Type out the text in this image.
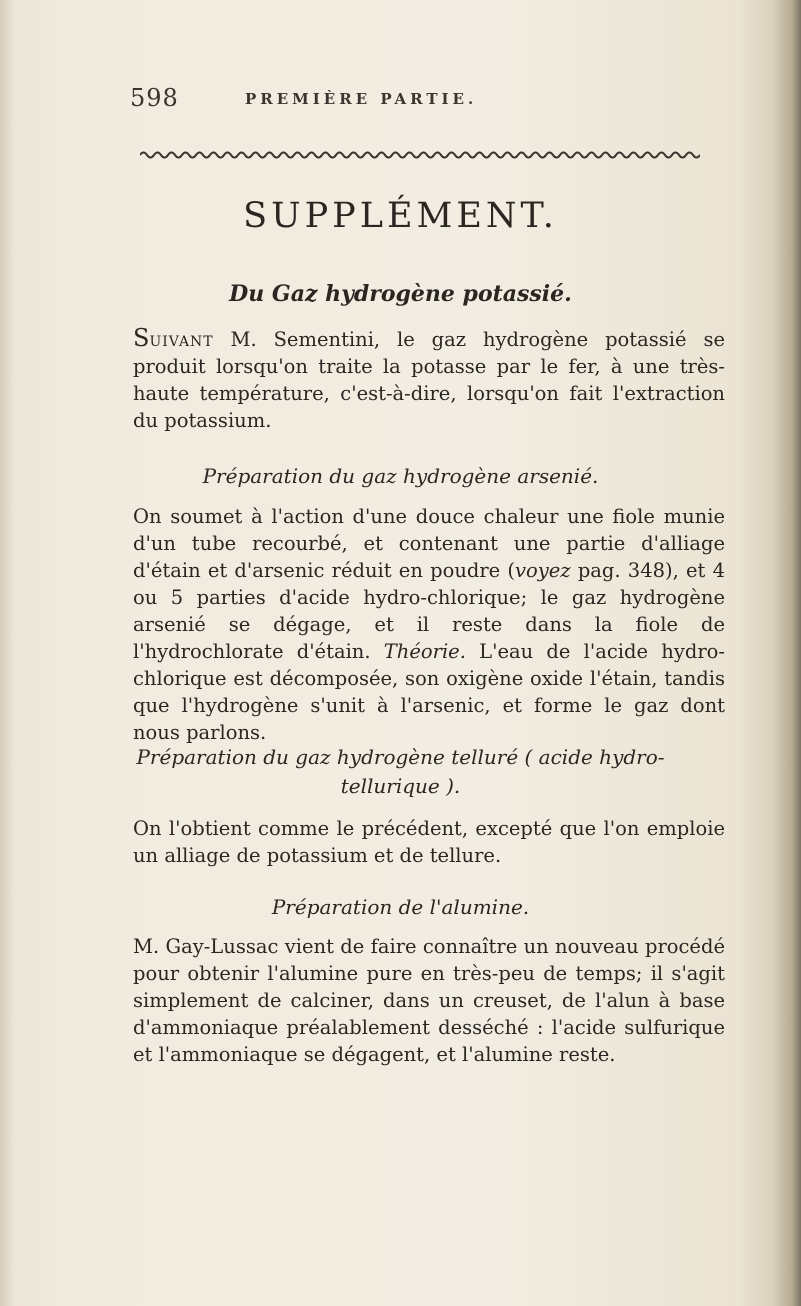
598	PREMIÈRE PARTIE.
SUPPLÉMENT.
Du Gaz hydrogène potassié.

Suivant M. Sementini, le gaz hydrogène potassié se produit lorsqu'on traite la potasse par le fer, à une très-haute température, c'est-à-dire, lorsqu'on fait l'extraction du potassium.

Préparation du gaz hydrogène arsenié.

On soumet à l'action d'une douce chaleur une fiole munie d'un tube recourbé, et contenant une partie d'alliage d'étain et d'arsenic réduit en poudre (voyez pag. 348), et 4 ou 5 parties d'acide hydro-chlorique; le gaz hydrogène arsenié se dégage, et il reste dans la fiole de l'hydrochlorate d'étain. Théorie. L'eau de l'acide hydro-chlorique est décomposée, son oxigène oxide l'étain, tandis que l'hydrogène s'unit à l'arsenic, et forme le gaz dont nous parlons.

Préparation du gaz hydrogène telluré ( acide hydro-
tellurique ).

On l'obtient comme le précédent, excepté que l'on emploie un alliage de potassium et de tellure.

Préparation de l'alumine.

M. Gay-Lussac vient de faire connaître un nouveau procédé pour obtenir l'alumine pure en très-peu de temps; il s'agit simplement de calciner, dans un creuset, de l'alun à base d'ammoniaque préalablement desséché : l'acide sulfurique et l'ammoniaque se dégagent, et l'alumine reste.
